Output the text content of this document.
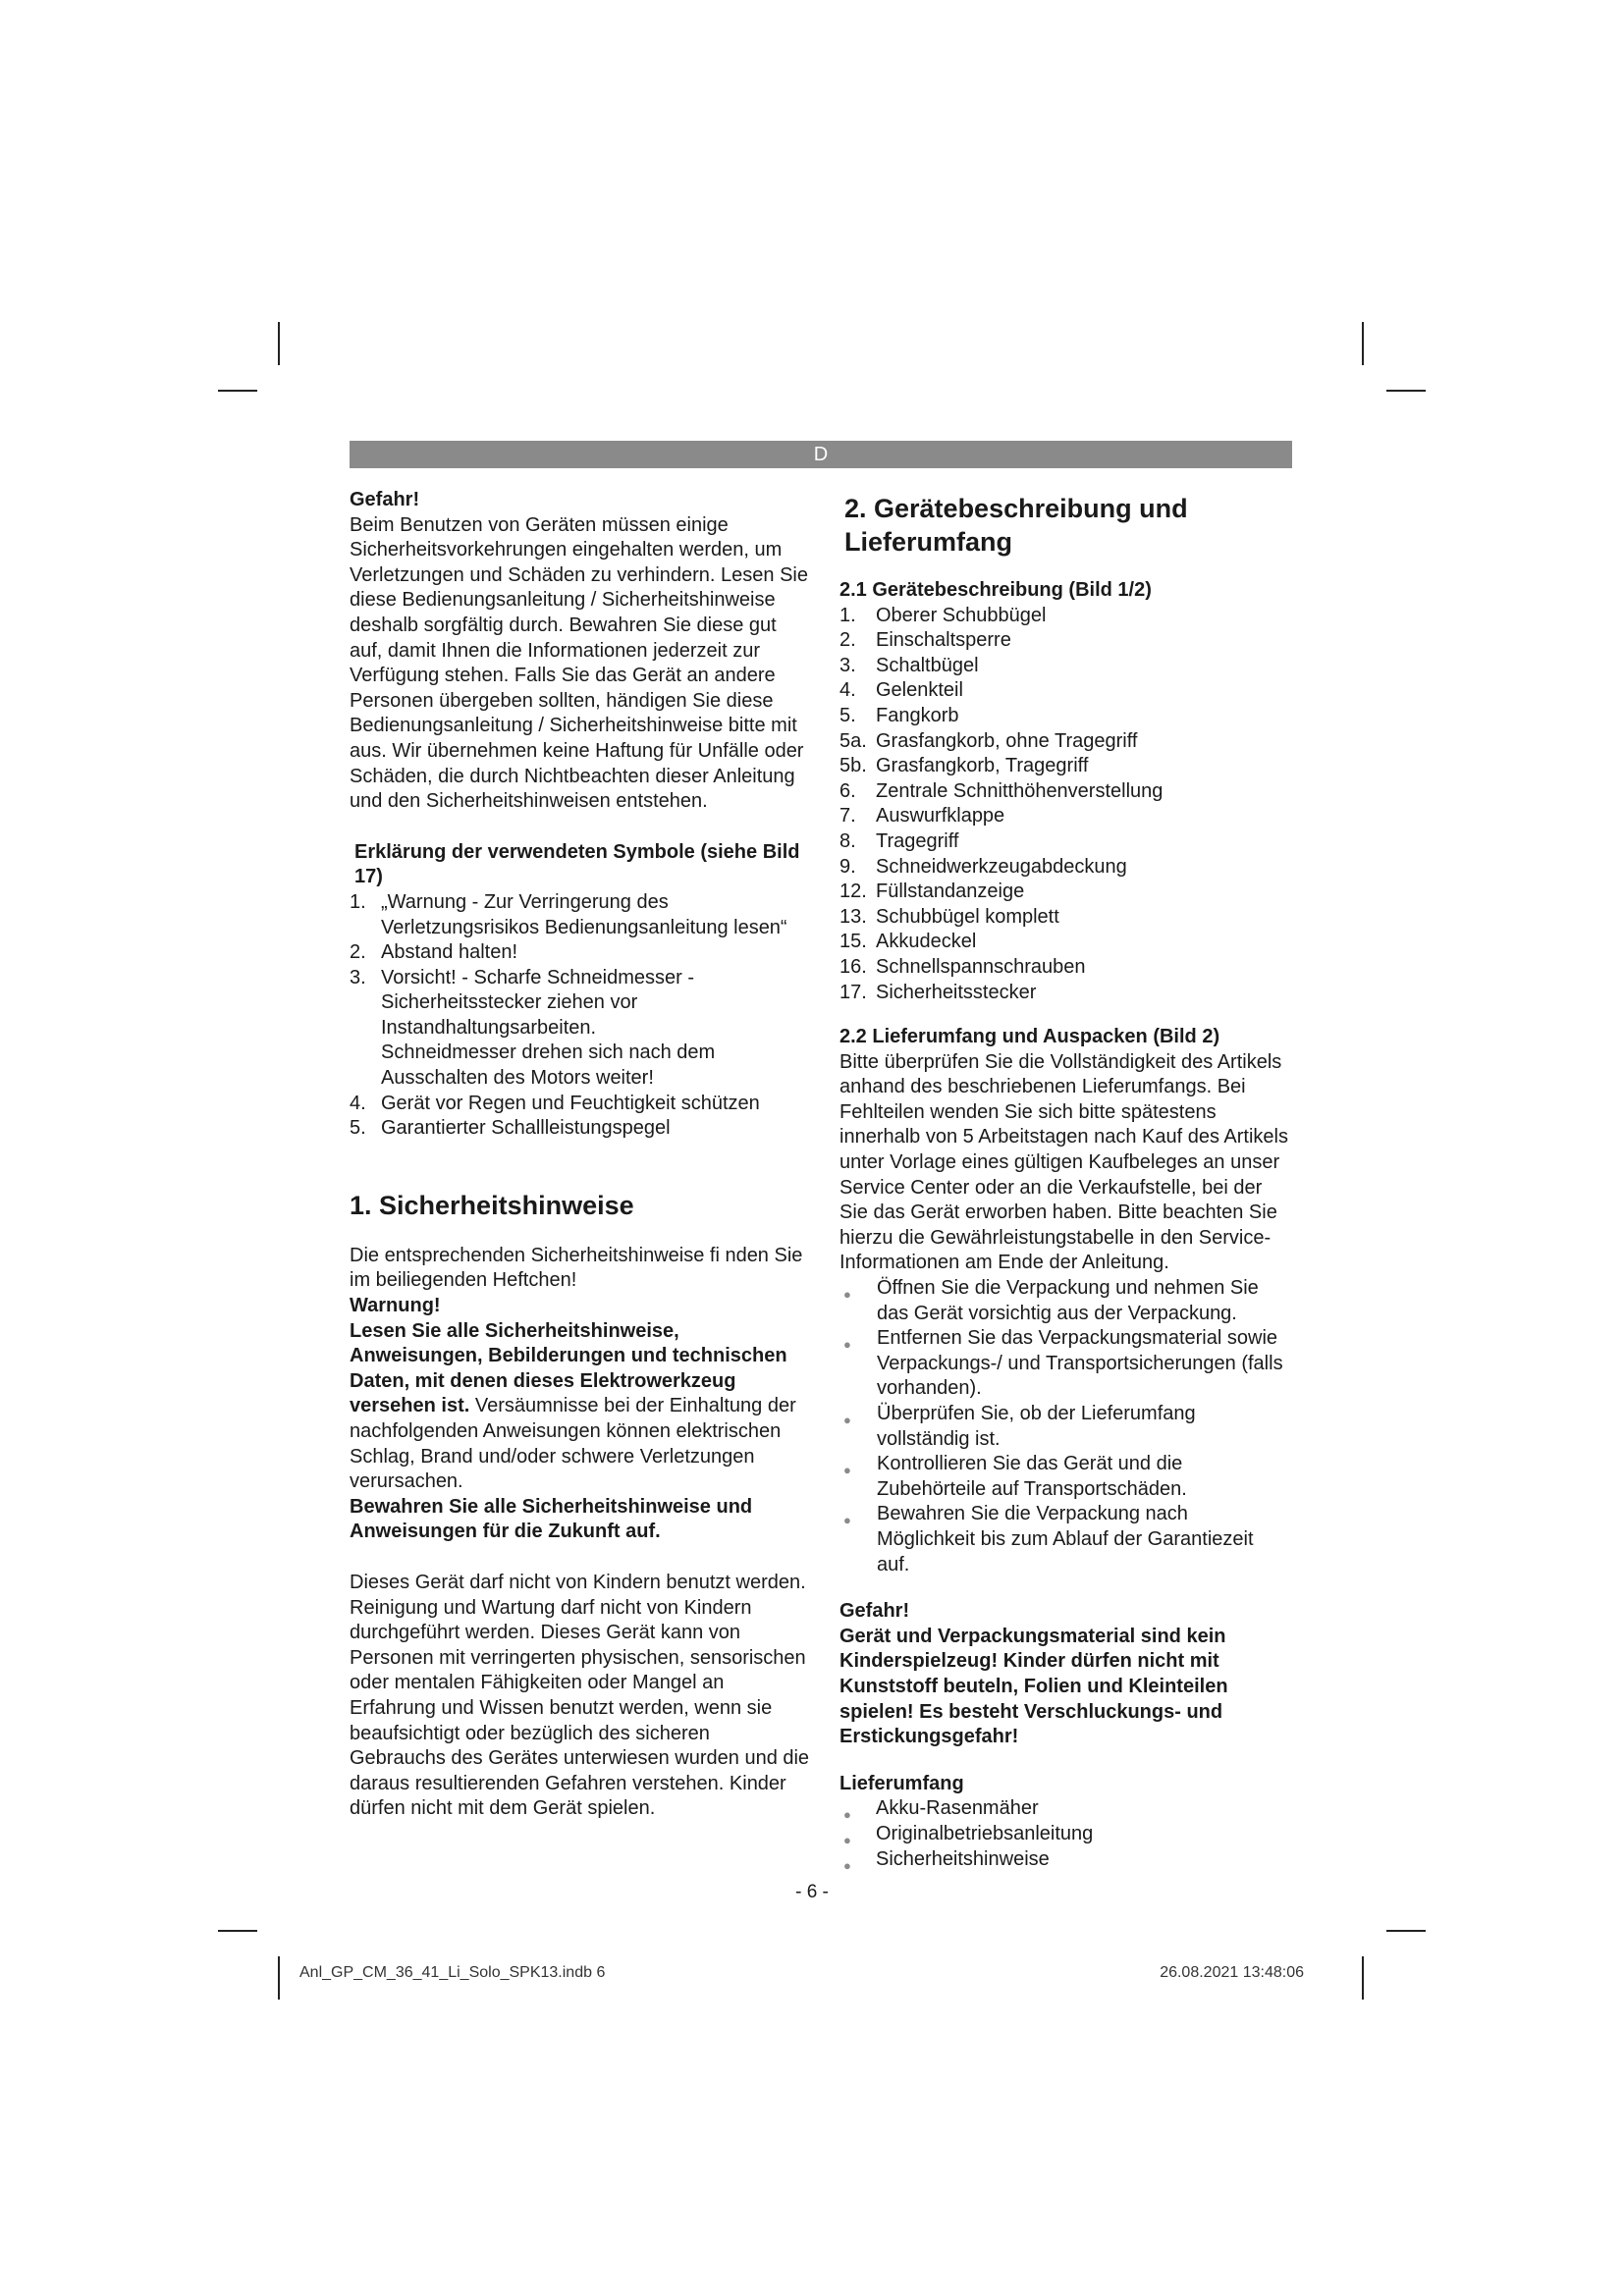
D

Gefahr!

Beim Benutzen von Geräten müssen einige Sicherheitsvorkehrungen eingehalten werden, um Verletzungen und Schäden zu verhindern. Lesen Sie diese Bedienungsanleitung / Sicherheitshinweise deshalb sorgfältig durch. Bewahren Sie diese gut auf, damit Ihnen die Informationen jederzeit zur Verfügung stehen. Falls Sie das Gerät an andere Personen übergeben sollten, händigen Sie diese Bedienungsanleitung / Sicherheitshinweise bitte mit aus. Wir übernehmen keine Haftung für Unfälle oder Schäden, die durch Nichtbeachten dieser Anleitung und den Sicherheitshinweisen entstehen.

Erklärung der verwendeten Symbole (siehe Bild 17)
1. „Warnung - Zur Verringerung des Verletzungsrisikos Bedienungsanleitung lesen“
2. Abstand halten!
3. Vorsicht! - Scharfe Schneidmesser - Sicherheitsstecker ziehen vor Instandhaltungsarbeiten.
Schneidmesser drehen sich nach dem Ausschalten des Motors weiter!
4. Gerät vor Regen und Feuchtigkeit schützen
5. Garantierter Schallleistungspegel
1. Sicherheitshinweise

Die entsprechenden Sicherheitshinweise fi nden Sie im beiliegenden Heftchen!

Warnung!

Lesen Sie alle Sicherheitshinweise, Anweisungen, Bebilderungen und technischen Daten, mit denen dieses Elektrowerkzeug versehen ist. Versäumnisse bei der Einhaltung der nachfolgenden Anweisungen können elektrischen Schlag, Brand und/oder schwere Verletzungen verursachen.

Bewahren Sie alle Sicherheitshinweise und Anweisungen für die Zukunft auf.

Dieses Gerät darf nicht von Kindern benutzt werden. Reinigung und Wartung darf nicht von Kindern durchgeführt werden. Dieses Gerät kann von Personen mit verringerten physischen, sensorischen oder mentalen Fähigkeiten oder Mangel an Erfahrung und Wissen benutzt werden, wenn sie beaufsichtigt oder bezüglich des sicheren Gebrauchs des Gerätes unterwiesen wurden und die daraus resultierenden Gefahren verstehen. Kinder dürfen nicht mit dem Gerät spielen.

2. Gerätebeschreibung und Lieferumfang
2.1 Gerätebeschreibung (Bild 1/2)
1. Oberer Schubbügel
2. Einschaltsperre
3. Schaltbügel
4. Gelenkteil
5. Fangkorb
5a. Grasfangkorb, ohne Tragegriff
5b. Grasfangkorb, Tragegriff
6. Zentrale Schnitthöhenverstellung
7. Auswurfklappe
8. Tragegriff
9. Schneidwerkzeugabdeckung
12. Füllstandanzeige
13. Schubbügel komplett
15. Akkudeckel
16. Schnellspannschrauben
17. Sicherheitsstecker
2.2 Lieferumfang und Auspacken (Bild 2)

Bitte überprüfen Sie die Vollständigkeit des Artikels anhand des beschriebenen Lieferumfangs. Bei Fehlteilen wenden Sie sich bitte spätestens innerhalb von 5 Arbeitstagen nach Kauf des Artikels unter Vorlage eines gültigen Kaufbeleges an unser Service Center oder an die Verkaufstelle, bei der Sie das Gerät erworben haben. Bitte beachten Sie hierzu die Gewährleistungstabelle in den Service-Informationen am Ende der Anleitung.

● Öffnen Sie die Verpackung und nehmen Sie das Gerät vorsichtig aus der Verpackung.
● Entfernen Sie das Verpackungsmaterial sowie Verpackungs-/ und Transportsicherungen (falls vorhanden).
● Überprüfen Sie, ob der Lieferumfang vollständig ist.
● Kontrollieren Sie das Gerät und die Zubehörteile auf Transportschäden.
● Bewahren Sie die Verpackung nach Möglichkeit bis zum Ablauf der Garantiezeit auf.

Gefahr!

Gerät und Verpackungsmaterial sind kein Kinderspielzeug! Kinder dürfen nicht mit Kunststoff beuteln, Folien und Kleinteilen spielen! Es besteht Verschluckungs- und Erstickungsgefahr!

Lieferumfang

● Akku-Rasenmäher
● Originalbetriebsanleitung
● Sicherheitshinweise
- 6 -
Anl_GP_CM_36_41_Li_Solo_SPK13.indb 6	26.08.2021 13:48:06
